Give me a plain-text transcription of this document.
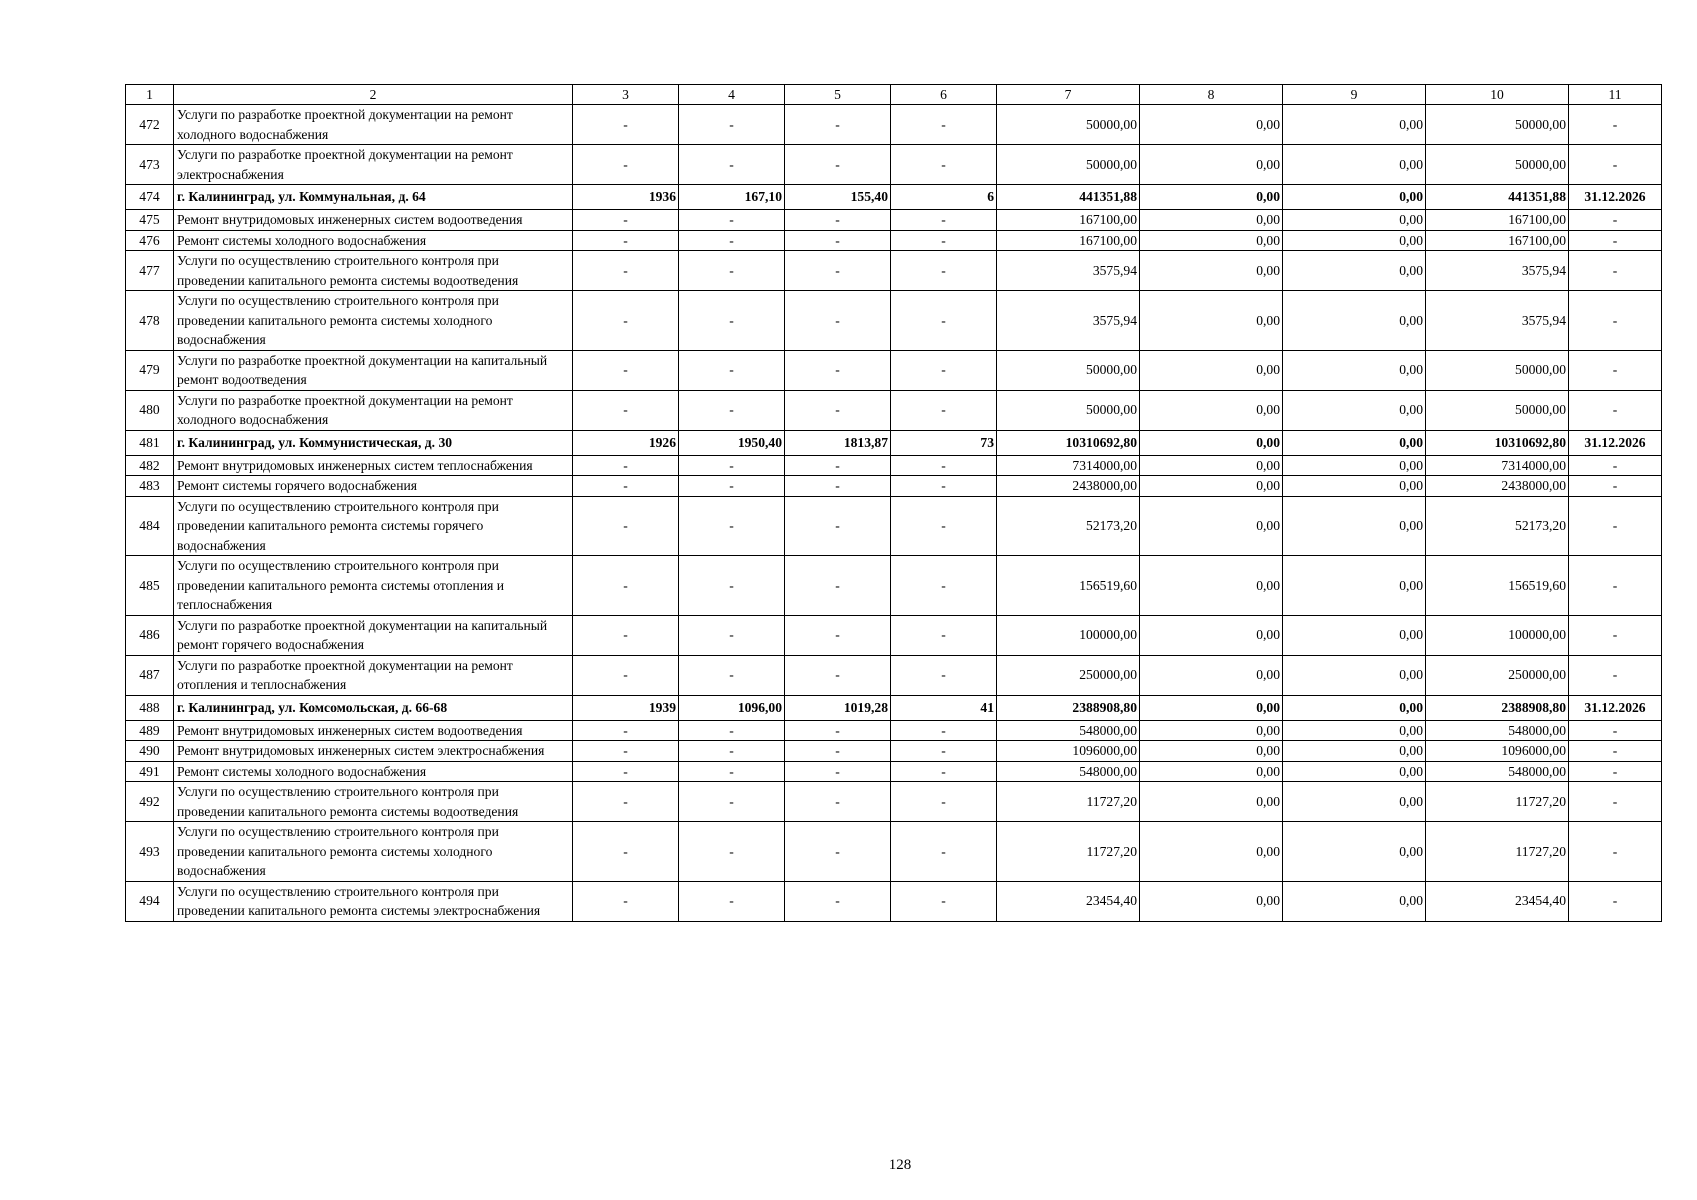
1	2	3	4	5	6	7	8	9	10	11
472	Услуги по разработке проектной документации на ремонт холодного водоснабжения	-	-	-	-	50000,00	0,00	0,00	50000,00	-
473	Услуги по разработке проектной документации на ремонт электроснабжения	-	-	-	-	50000,00	0,00	0,00	50000,00	-
474	г. Калининград, ул. Коммунальная, д. 64	1936	167,10	155,40	6	441351,88	0,00	0,00	441351,88	31.12.2026
475	Ремонт внутридомовых инженерных систем водоотведения	-	-	-	-	167100,00	0,00	0,00	167100,00	-
476	Ремонт системы холодного водоснабжения	-	-	-	-	167100,00	0,00	0,00	167100,00	-
477	Услуги по осуществлению строительного контроля при проведении капитального ремонта системы водоотведения	-	-	-	-	3575,94	0,00	0,00	3575,94	-
478	Услуги по осуществлению строительного контроля при проведении капитального ремонта системы холодного водоснабжения	-	-	-	-	3575,94	0,00	0,00	3575,94	-
479	Услуги по разработке проектной документации на капитальный ремонт водоотведения	-	-	-	-	50000,00	0,00	0,00	50000,00	-
480	Услуги по разработке проектной документации на ремонт холодного водоснабжения	-	-	-	-	50000,00	0,00	0,00	50000,00	-
481	г. Калининград, ул. Коммунистическая, д. 30	1926	1950,40	1813,87	73	10310692,80	0,00	0,00	10310692,80	31.12.2026
482	Ремонт внутридомовых инженерных систем теплоснабжения	-	-	-	-	7314000,00	0,00	0,00	7314000,00	-
483	Ремонт системы горячего водоснабжения	-	-	-	-	2438000,00	0,00	0,00	2438000,00	-
484	Услуги по осуществлению строительного контроля при проведении капитального ремонта системы горячего водоснабжения	-	-	-	-	52173,20	0,00	0,00	52173,20	-
485	Услуги по осуществлению строительного контроля при проведении капитального ремонта системы отопления и теплоснабжения	-	-	-	-	156519,60	0,00	0,00	156519,60	-
486	Услуги по разработке проектной документации на капитальный ремонт горячего водоснабжения	-	-	-	-	100000,00	0,00	0,00	100000,00	-
487	Услуги по разработке проектной документации на ремонт отопления и теплоснабжения	-	-	-	-	250000,00	0,00	0,00	250000,00	-
488	г. Калининград, ул. Комсомольская, д. 66-68	1939	1096,00	1019,28	41	2388908,80	0,00	0,00	2388908,80	31.12.2026
489	Ремонт внутридомовых инженерных систем водоотведения	-	-	-	-	548000,00	0,00	0,00	548000,00	-
490	Ремонт внутридомовых инженерных систем электроснабжения	-	-	-	-	1096000,00	0,00	0,00	1096000,00	-
491	Ремонт системы холодного водоснабжения	-	-	-	-	548000,00	0,00	0,00	548000,00	-
492	Услуги по осуществлению строительного контроля при проведении капитального ремонта системы водоотведения	-	-	-	-	11727,20	0,00	0,00	11727,20	-
493	Услуги по осуществлению строительного контроля при проведении капитального ремонта системы холодного водоснабжения	-	-	-	-	11727,20	0,00	0,00	11727,20	-
494	Услуги по осуществлению строительного контроля при проведении капитального ремонта системы электроснабжения	-	-	-	-	23454,40	0,00	0,00	23454,40	-
128
